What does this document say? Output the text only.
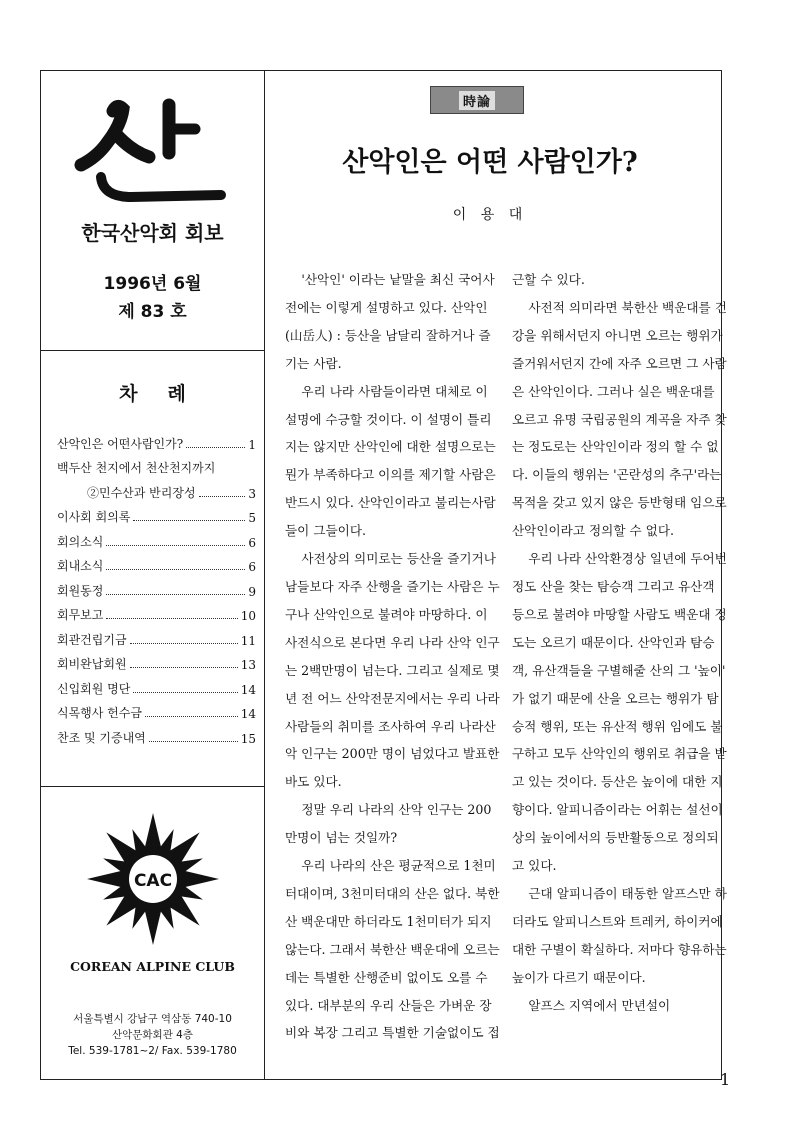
한국산악회 회보
1996년 6월
제 83 호
차례
산악인은 어떤사람인가?	1
백두산 천지에서 천산천지까지
②민수산과 반리장성	3
이사회 회의록	5
회의소식	6
회내소식	6
회원동정	9
회무보고	10
회관건립기금	11
회비완납회원	13
신입회원 명단	14
식목행사 헌수금	14
찬조 및 기증내역	15
CAC
COREAN ALPINE CLUB
서울특별시 강남구 역삼동 740-10
산악문화회관 4층
Tel. 539-1781~2/ Fax. 539-1780
時論
산악인은 어떤 사람인가?
이 용 대

'산악인' 이라는 낱말을 최신 국어사전에는 이렇게 설명하고 있다. 산악인(山岳人) : 등산을 남달리 잘하거나 즐기는 사람.

우리 나라 사람들이라면 대체로 이 설명에 수긍할 것이다. 이 설명이 틀리지는 않지만 산악인에 대한 설명으로는 뭔가 부족하다고 이의를 제기할 사람은 반드시 있다. 산악인이라고 불리는사람들이 그들이다.

사전상의 의미로는 등산을 즐기거나 남들보다 자주 산행을 즐기는 사람은 누구나 산악인으로 불려야 마땅하다. 이 사전식으로 본다면 우리 나라 산악 인구는 2백만명이 넘는다. 그리고 실제로 몇년 전 어느 산악전문지에서는 우리 나라 사람들의 취미를 조사하여 우리 나라산악 인구는 200만 명이 넘었다고 발표한 바도 있다.

정말 우리 나라의 산악 인구는 200만명이 넘는 것일까?

우리 나라의 산은 평균적으로 1천미터대이며, 3천미터대의 산은 없다. 북한산 백운대만 하더라도 1천미터가 되지 않는다. 그래서 북한산 백운대에 오르는 데는 특별한 산행준비 없이도 오를 수 있다. 대부분의 우리 산들은 가벼운 장비와 복장 그리고 특별한 기술없이도 접

근할 수 있다.

사전적 의미라면 북한산 백운대를 건강을 위해서던지 아니면 오르는 행위가 즐거워서던지 간에 자주 오르면 그 사람은 산악인이다. 그러나 실은 백운대를 오르고 유명 국립공원의 계곡을 자주 찾는 정도로는 산악인이라 정의 할 수 없다. 이들의 행위는 '곤란성의 추구'라는 목적을 갖고 있지 않은 등반형태 임으로 산악인이라고 정의할 수 없다.

우리 나라 산악환경상 일년에 두어번 정도 산을 찾는 탐승객 그리고 유산객 등으로 불려야 마땅할 사람도 백운대 정도는 오르기 때문이다. 산악인과 탐승객, 유산객들을 구별해줄 산의 그 '높이' 가 없기 때문에 산을 오르는 행위가 탐승적 행위, 또는 유산적 행위 임에도 불구하고 모두 산악인의 행위로 취급을 받고 있는 것이다. 등산은 높이에 대한 지향이다. 알피니즘이라는 어휘는 설선이상의 높이에서의 등반활동으로 정의되고 있다.

근대 알피니즘이 태동한 알프스만 하더라도 알피니스트와 트레커, 하이커에 대한 구별이 확실하다. 저마다 향유하는 높이가 다르기 때문이다.

알프스 지역에서 만년설이

1
